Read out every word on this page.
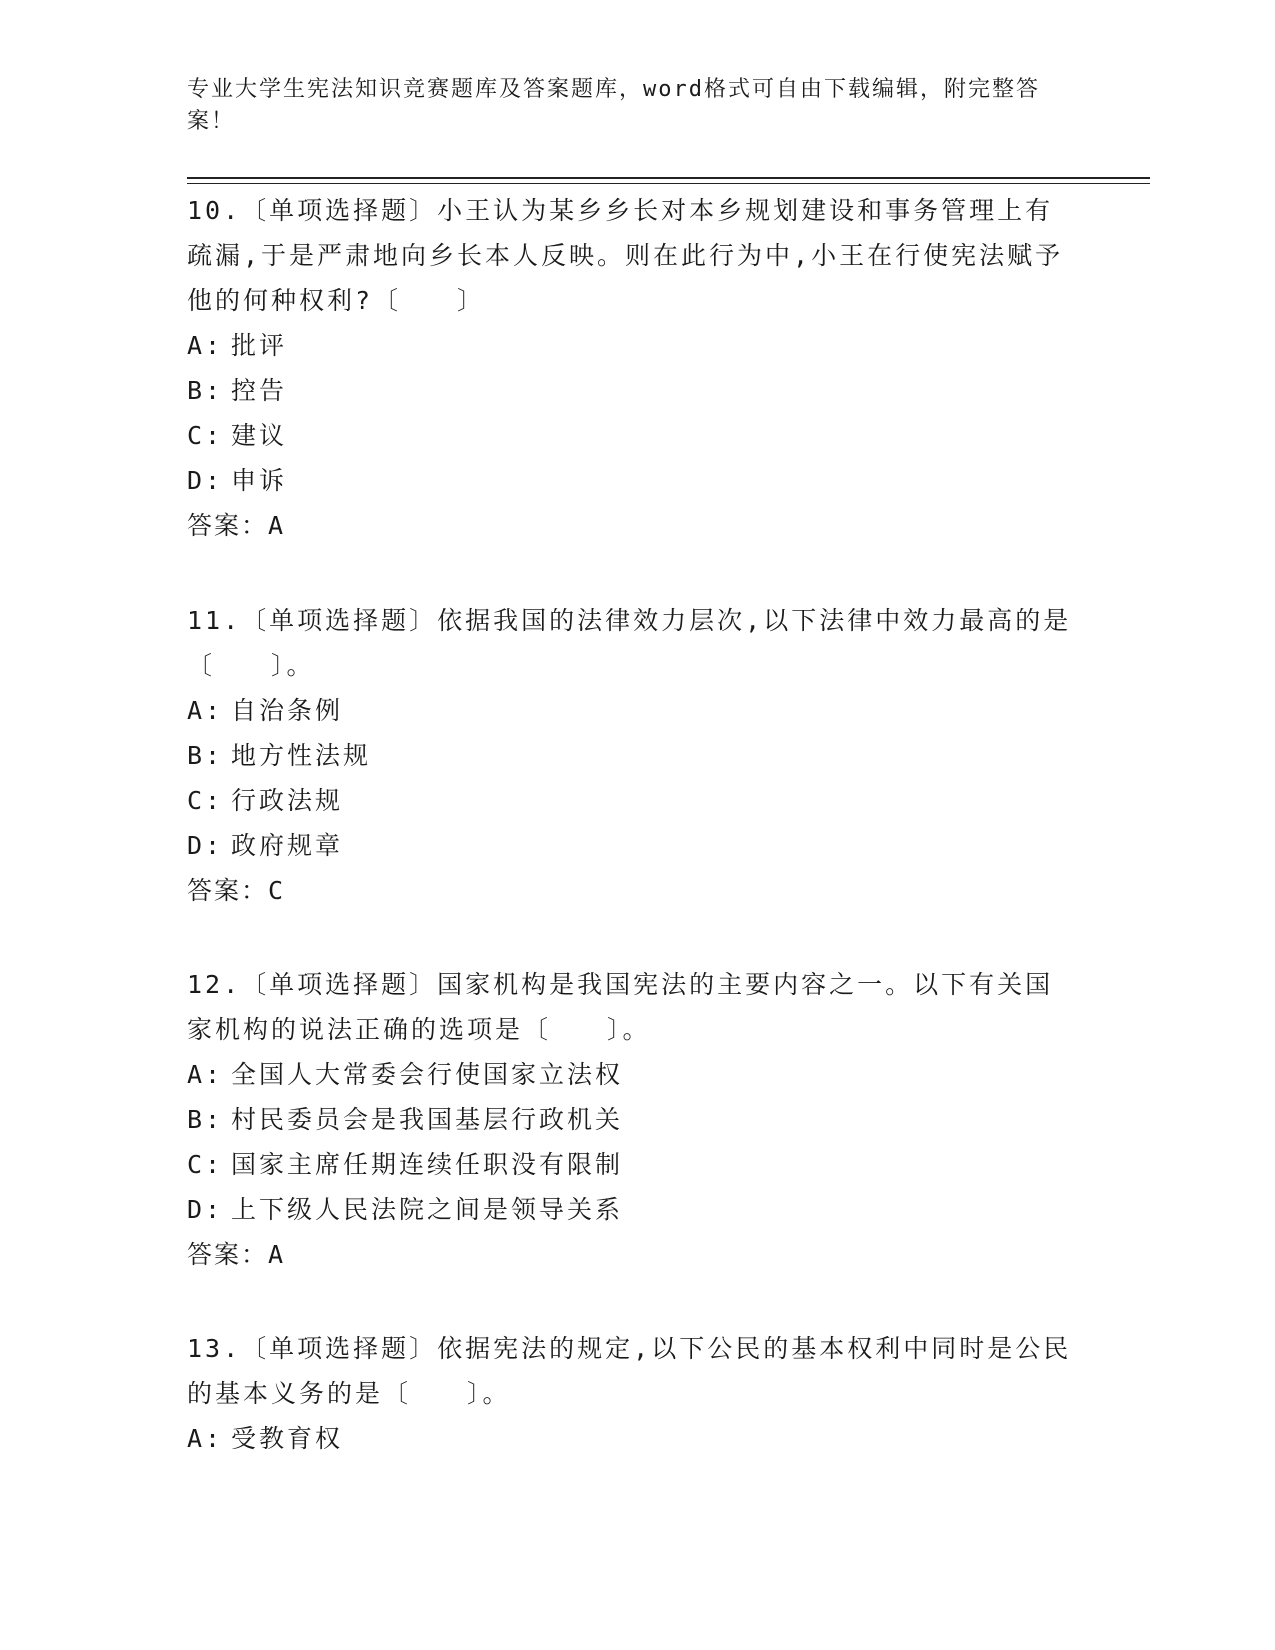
专业大学生宪法知识竞赛题库及答案题库，word格式可自由下载编辑，附完整答案！
10.〔单项选择题〕小王认为某乡乡长对本乡规划建设和事务管理上有疏漏,于是严肃地向乡长本人反映。则在此行为中,小王在行使宪法赋予他的何种权利?〔　　〕
A: 批评
B: 控告
C: 建议
D: 申诉
答案：A
11.〔单项选择题〕依据我国的法律效力层次,以下法律中效力最高的是〔　　〕。
A: 自治条例
B: 地方性法规
C: 行政法规
D: 政府规章
答案：C
12.〔单项选择题〕国家机构是我国宪法的主要内容之一。以下有关国家机构的说法正确的选项是〔　　〕。
A: 全国人大常委会行使国家立法权
B: 村民委员会是我国基层行政机关
C: 国家主席任期连续任职没有限制
D: 上下级人民法院之间是领导关系
答案：A
13.〔单项选择题〕依据宪法的规定,以下公民的基本权利中同时是公民的基本义务的是〔　　〕。
A: 受教育权
